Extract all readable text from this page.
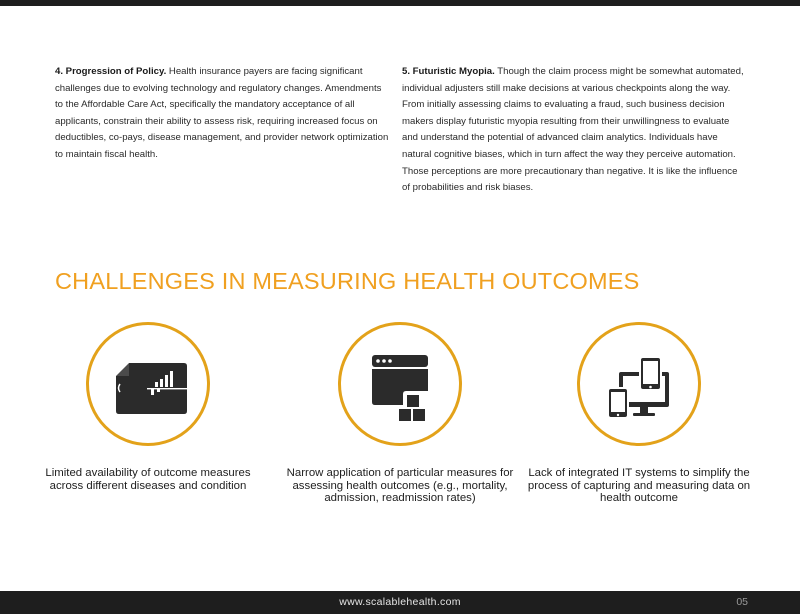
4. Progression of Policy. Health insurance payers are facing significant challenges due to evolving technology and regulatory changes. Amendments to the Affordable Care Act, specifically the mandatory acceptance of all applicants, constrain their ability to assess risk, requiring increased focus on deductibles, co-pays, disease management, and provider network optimization to maintain fiscal health.
5. Futuristic Myopia. Though the claim process might be somewhat automated, individual adjusters still make decisions at various checkpoints along the way. From initially assessing claims to evaluating a fraud, such business decision makers display futuristic myopia resulting from their unwillingness to evaluate and understand the potential of advanced claim analytics. Individuals have natural cognitive biases, which in turn affect the way they perceive automation. Those perceptions are more precautionary than negative. It is like the influence of probabilities and risk biases.
CHALLENGES IN MEASURING HEALTH OUTCOMES
Limited availability of outcome measures across different diseases and condition
Narrow application of particular measures for assessing health outcomes (e.g., mortality, admission, readmission rates)
Lack of integrated IT systems to simplify the process of capturing and measuring data on health outcome
www.scalablehealth.com	05
